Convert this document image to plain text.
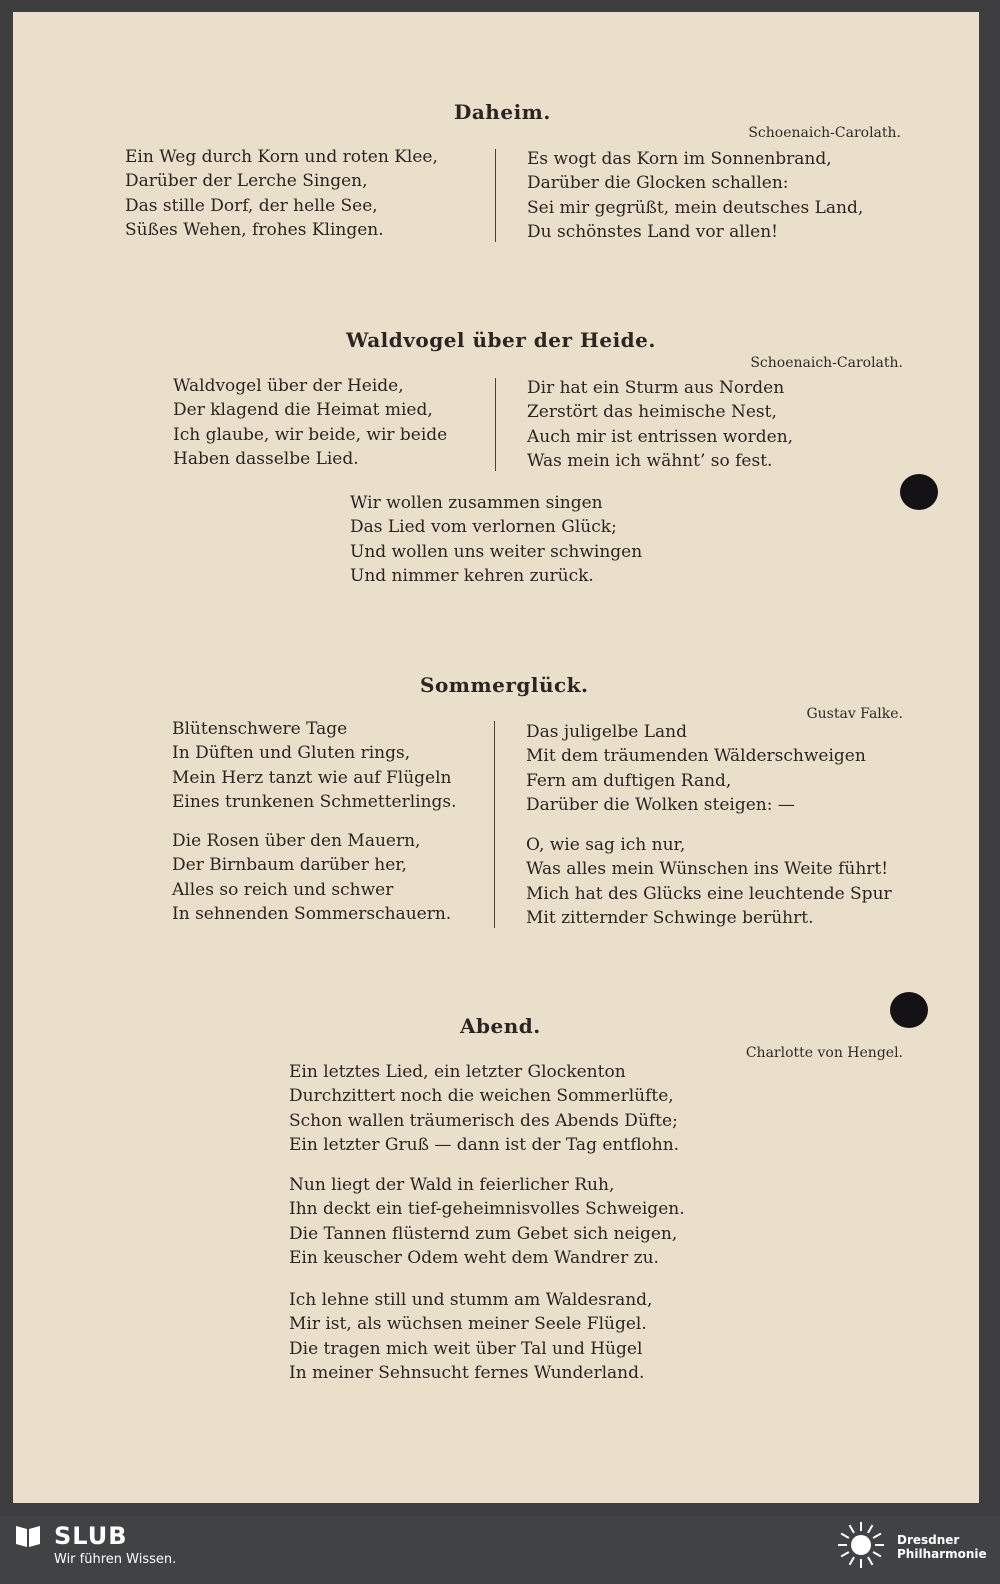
Daheim.
Schoenaich-Carolath.
Ein Weg durch Korn und roten Klee,
Darüber der Lerche Singen,
Das stille Dorf, der helle See,
Süßes Wehen, frohes Klingen.
Es wogt das Korn im Sonnenbrand,
Darüber die Glocken schallen:
Sei mir gegrüßt, mein deutsches Land,
Du schönstes Land vor allen!
Waldvogel über der Heide.
Schoenaich-Carolath.
Waldvogel über der Heide,
Der klagend die Heimat mied,
Ich glaube, wir beide, wir beide
Haben dasselbe Lied.
Dir hat ein Sturm aus Norden
Zerstört das heimische Nest,
Auch mir ist entrissen worden,
Was mein ich wähnt’ so fest.
Wir wollen zusammen singen
Das Lied vom verlornen Glück;
Und wollen uns weiter schwingen
Und nimmer kehren zurück.
Sommerglück.
Gustav Falke.
Blütenschwere Tage
In Düften und Gluten rings,
Mein Herz tanzt wie auf Flügeln
Eines trunkenen Schmetterlings.
Die Rosen über den Mauern,
Der Birnbaum darüber her,
Alles so reich und schwer
In sehnenden Sommerschauern.
Das juligelbe Land
Mit dem träumenden Wälderschweigen
Fern am duftigen Rand,
Darüber die Wolken steigen: —
O, wie sag ich nur,
Was alles mein Wünschen ins Weite führt!
Mich hat des Glücks eine leuchtende Spur
Mit zitternder Schwinge berührt.
Abend.
Charlotte von Hengel.
Ein letztes Lied, ein letzter Glockenton
Durchzittert noch die weichen Sommerlüfte,
Schon wallen träumerisch des Abends Düfte;
Ein letzter Gruß — dann ist der Tag entflohn.
Nun liegt der Wald in feierlicher Ruh,
Ihn deckt ein tief-geheimnisvolles Schweigen.
Die Tannen flüsternd zum Gebet sich neigen,
Ein keuscher Odem weht dem Wandrer zu.
Ich lehne still und stumm am Waldesrand,
Mir ist, als wüchsen meiner Seele Flügel.
Die tragen mich weit über Tal und Hügel
In meiner Sehnsucht fernes Wunderland.
SLUB
Wir führen Wissen.
Dresdner
Philharmonie
